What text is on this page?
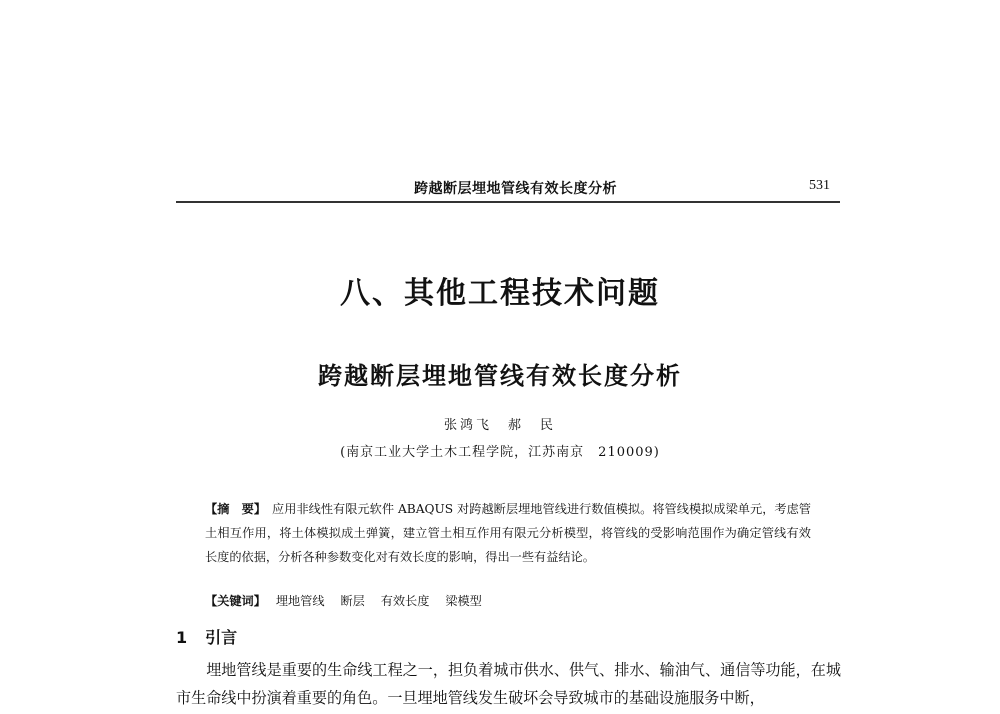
跨越断层埋地管线有效长度分析	531
八、其他工程技术问题
跨越断层埋地管线有效长度分析
张鸿飞　郝　民
(南京工业大学土木工程学院，江苏南京　210009)
【摘　要】 应用非线性有限元软件 ABAQUS 对跨越断层埋地管线进行数值模拟。将管线模拟成梁单元，考虑管土相互作用，将土体模拟成土弹簧，建立管土相互作用有限元分析模型，将管线的受影响范围作为确定管线有效长度的依据，分析各种参数变化对有效长度的影响，得出一些有益结论。
【关键词】 埋地管线 断层 有效长度 梁模型
1 引言
埋地管线是重要的生命线工程之一，担负着城市供水、供气、排水、输油气、通信等功能，在城市生命线中扮演着重要的角色。一旦埋地管线发生破坏会导致城市的基础设施服务中断，
